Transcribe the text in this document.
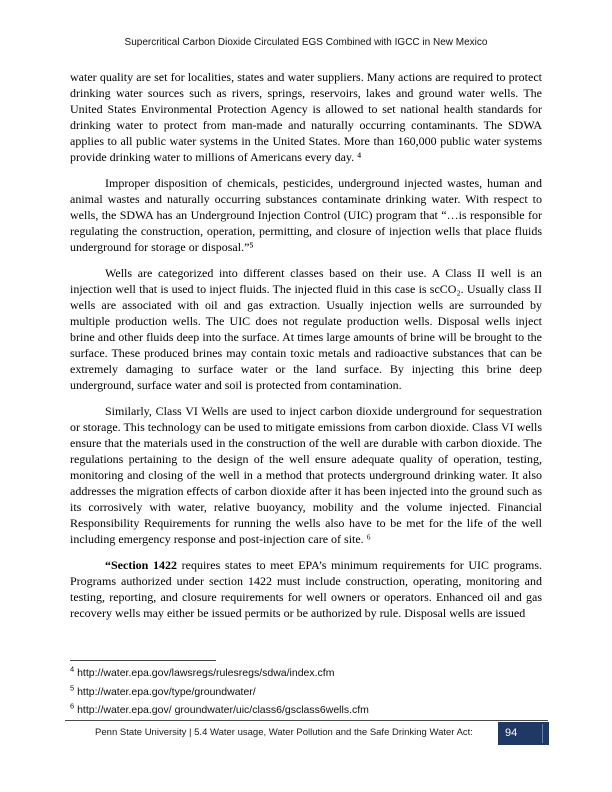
Supercritical Carbon Dioxide Circulated EGS Combined with IGCC in New Mexico

water quality are set for localities, states and water suppliers. Many actions are required to protect drinking water sources such as rivers, springs, reservoirs, lakes and ground water wells. The United States Environmental Protection Agency is allowed to set national health standards for drinking water to protect from man-made and naturally occurring contaminants. The SDWA applies to all public water systems in the United States. More than 160,000 public water systems provide drinking water to millions of Americans every day. ⁴

Improper disposition of chemicals, pesticides, underground injected wastes, human and animal wastes and naturally occurring substances contaminate drinking water. With respect to wells, the SDWA has an Underground Injection Control (UIC) program that “…is responsible for regulating the construction, operation, permitting, and closure of injection wells that place fluids underground for storage or disposal.”⁵

Wells are categorized into different classes based on their use. A Class II well is an injection well that is used to inject fluids. The injected fluid in this case is scCO₂. Usually class II wells are associated with oil and gas extraction. Usually injection wells are surrounded by multiple production wells. The UIC does not regulate production wells. Disposal wells inject brine and other fluids deep into the surface. At times large amounts of brine will be brought to the surface. These produced brines may contain toxic metals and radioactive substances that can be extremely damaging to surface water or the land surface. By injecting this brine deep underground, surface water and soil is protected from contamination.

Similarly, Class VI Wells are used to inject carbon dioxide underground for sequestration or storage. This technology can be used to mitigate emissions from carbon dioxide. Class VI wells ensure that the materials used in the construction of the well are durable with carbon dioxide. The regulations pertaining to the design of the well ensure adequate quality of operation, testing, monitoring and closing of the well in a method that protects underground drinking water. It also addresses the migration effects of carbon dioxide after it has been injected into the ground such as its corrosively with water, relative buoyancy, mobility and the volume injected. Financial Responsibility Requirements for running the wells also have to be met for the life of the well including emergency response and post-injection care of site. ⁶

“Section 1422 requires states to meet EPA’s minimum requirements for UIC programs. Programs authorized under section 1422 must include construction, operating, monitoring and testing, reporting, and closure requirements for well owners or operators. Enhanced oil and gas recovery wells may either be issued permits or be authorized by rule. Disposal wells are issued

$^4$ http://water.epa.gov/lawsregs/rulesregs/sdwa/index.cfm
$^5$ http://water.epa.gov/type/groundwater/
$^6$ http://water.epa.gov/ groundwater/uic/class6/gsclass6wells.cfm
Penn State University | 5.4 Water usage, Water Pollution and the Safe Drinking Water Act:	94
